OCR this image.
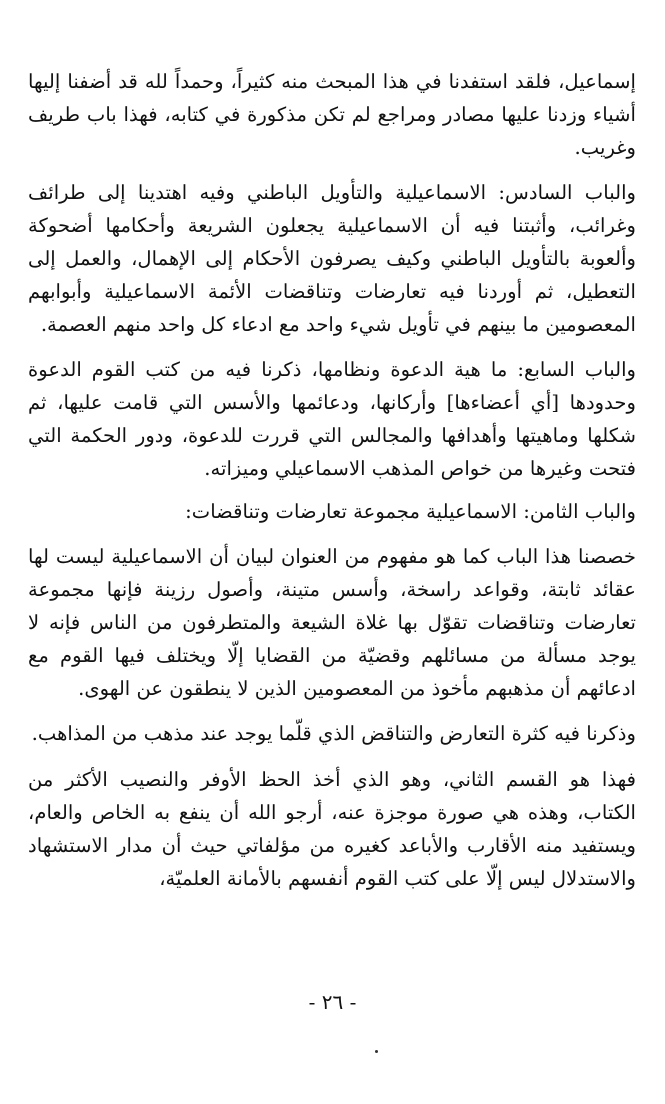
إسماعيل، فلقد استفدنا في هذا المبحث منه كثيراً، وحمداً لله قد أضفنا إليها أشياء وزدنا عليها مصادر ومراجع لم تكن مذكورة في كتابه، فهذا باب طريف وغريب.

والباب السادس: الاسماعيلية والتأويل الباطني وفيه اهتدينا إلى طرائف وغرائب، وأثبتنا فيه أن الاسماعيلية يجعلون الشريعة وأحكامها أضحوكة وألعوبة بالتأويل الباطني وكيف يصرفون الأحكام إلى الإهمال، والعمل إلى التعطيل، ثم أوردنا فيه تعارضات وتناقضات الأئمة الاسماعيلية وأبوابهم المعصومين ما بينهم في تأويل شيء واحد مع ادعاء كل واحد منهم العصمة.

والباب السابع: ما هية الدعوة ونظامها، ذكرنا فيه من كتب القوم الدعوة وحدودها [أي أعضاءها] وأركانها، ودعائمها والأسس التي قامت عليها، ثم شكلها وماهيتها وأهدافها والمجالس التي قررت للدعوة، ودور الحكمة التي فتحت وغيرها من خواص المذهب الاسماعيلي وميزاته.

والباب الثامن: الاسماعيلية مجموعة تعارضات وتناقضات:

خصصنا هذا الباب كما هو مفهوم من العنوان لبيان أن الاسماعيلية ليست لها عقائد ثابتة، وقواعد راسخة، وأسس متينة، وأصول رزينة فإنها مجموعة تعارضات وتناقضات تقوّل بها غلاة الشيعة والمتطرفون من الناس فإنه لا يوجد مسألة من مسائلهم وقضيّة من القضايا إلّا ويختلف فيها القوم مع ادعائهم أن مذهبهم مأخوذ من المعصومين الذين لا ينطقون عن الهوى.

وذكرنا فيه كثرة التعارض والتناقض الذي قلّما يوجد عند مذهب من المذاهب.

فهذا هو القسم الثاني، وهو الذي أخذ الحظ الأوفر والنصيب الأكثر من الكتاب، وهذه هي صورة موجزة عنه، أرجو الله أن ينفع به الخاص والعام، ويستفيد منه الأقارب والأباعد كغيره من مؤلفاتي حيث أن مدار الاستشهاد والاستدلال ليس إلّا على كتب القوم أنفسهم بالأمانة العلميّة،

- ٢٦ -
